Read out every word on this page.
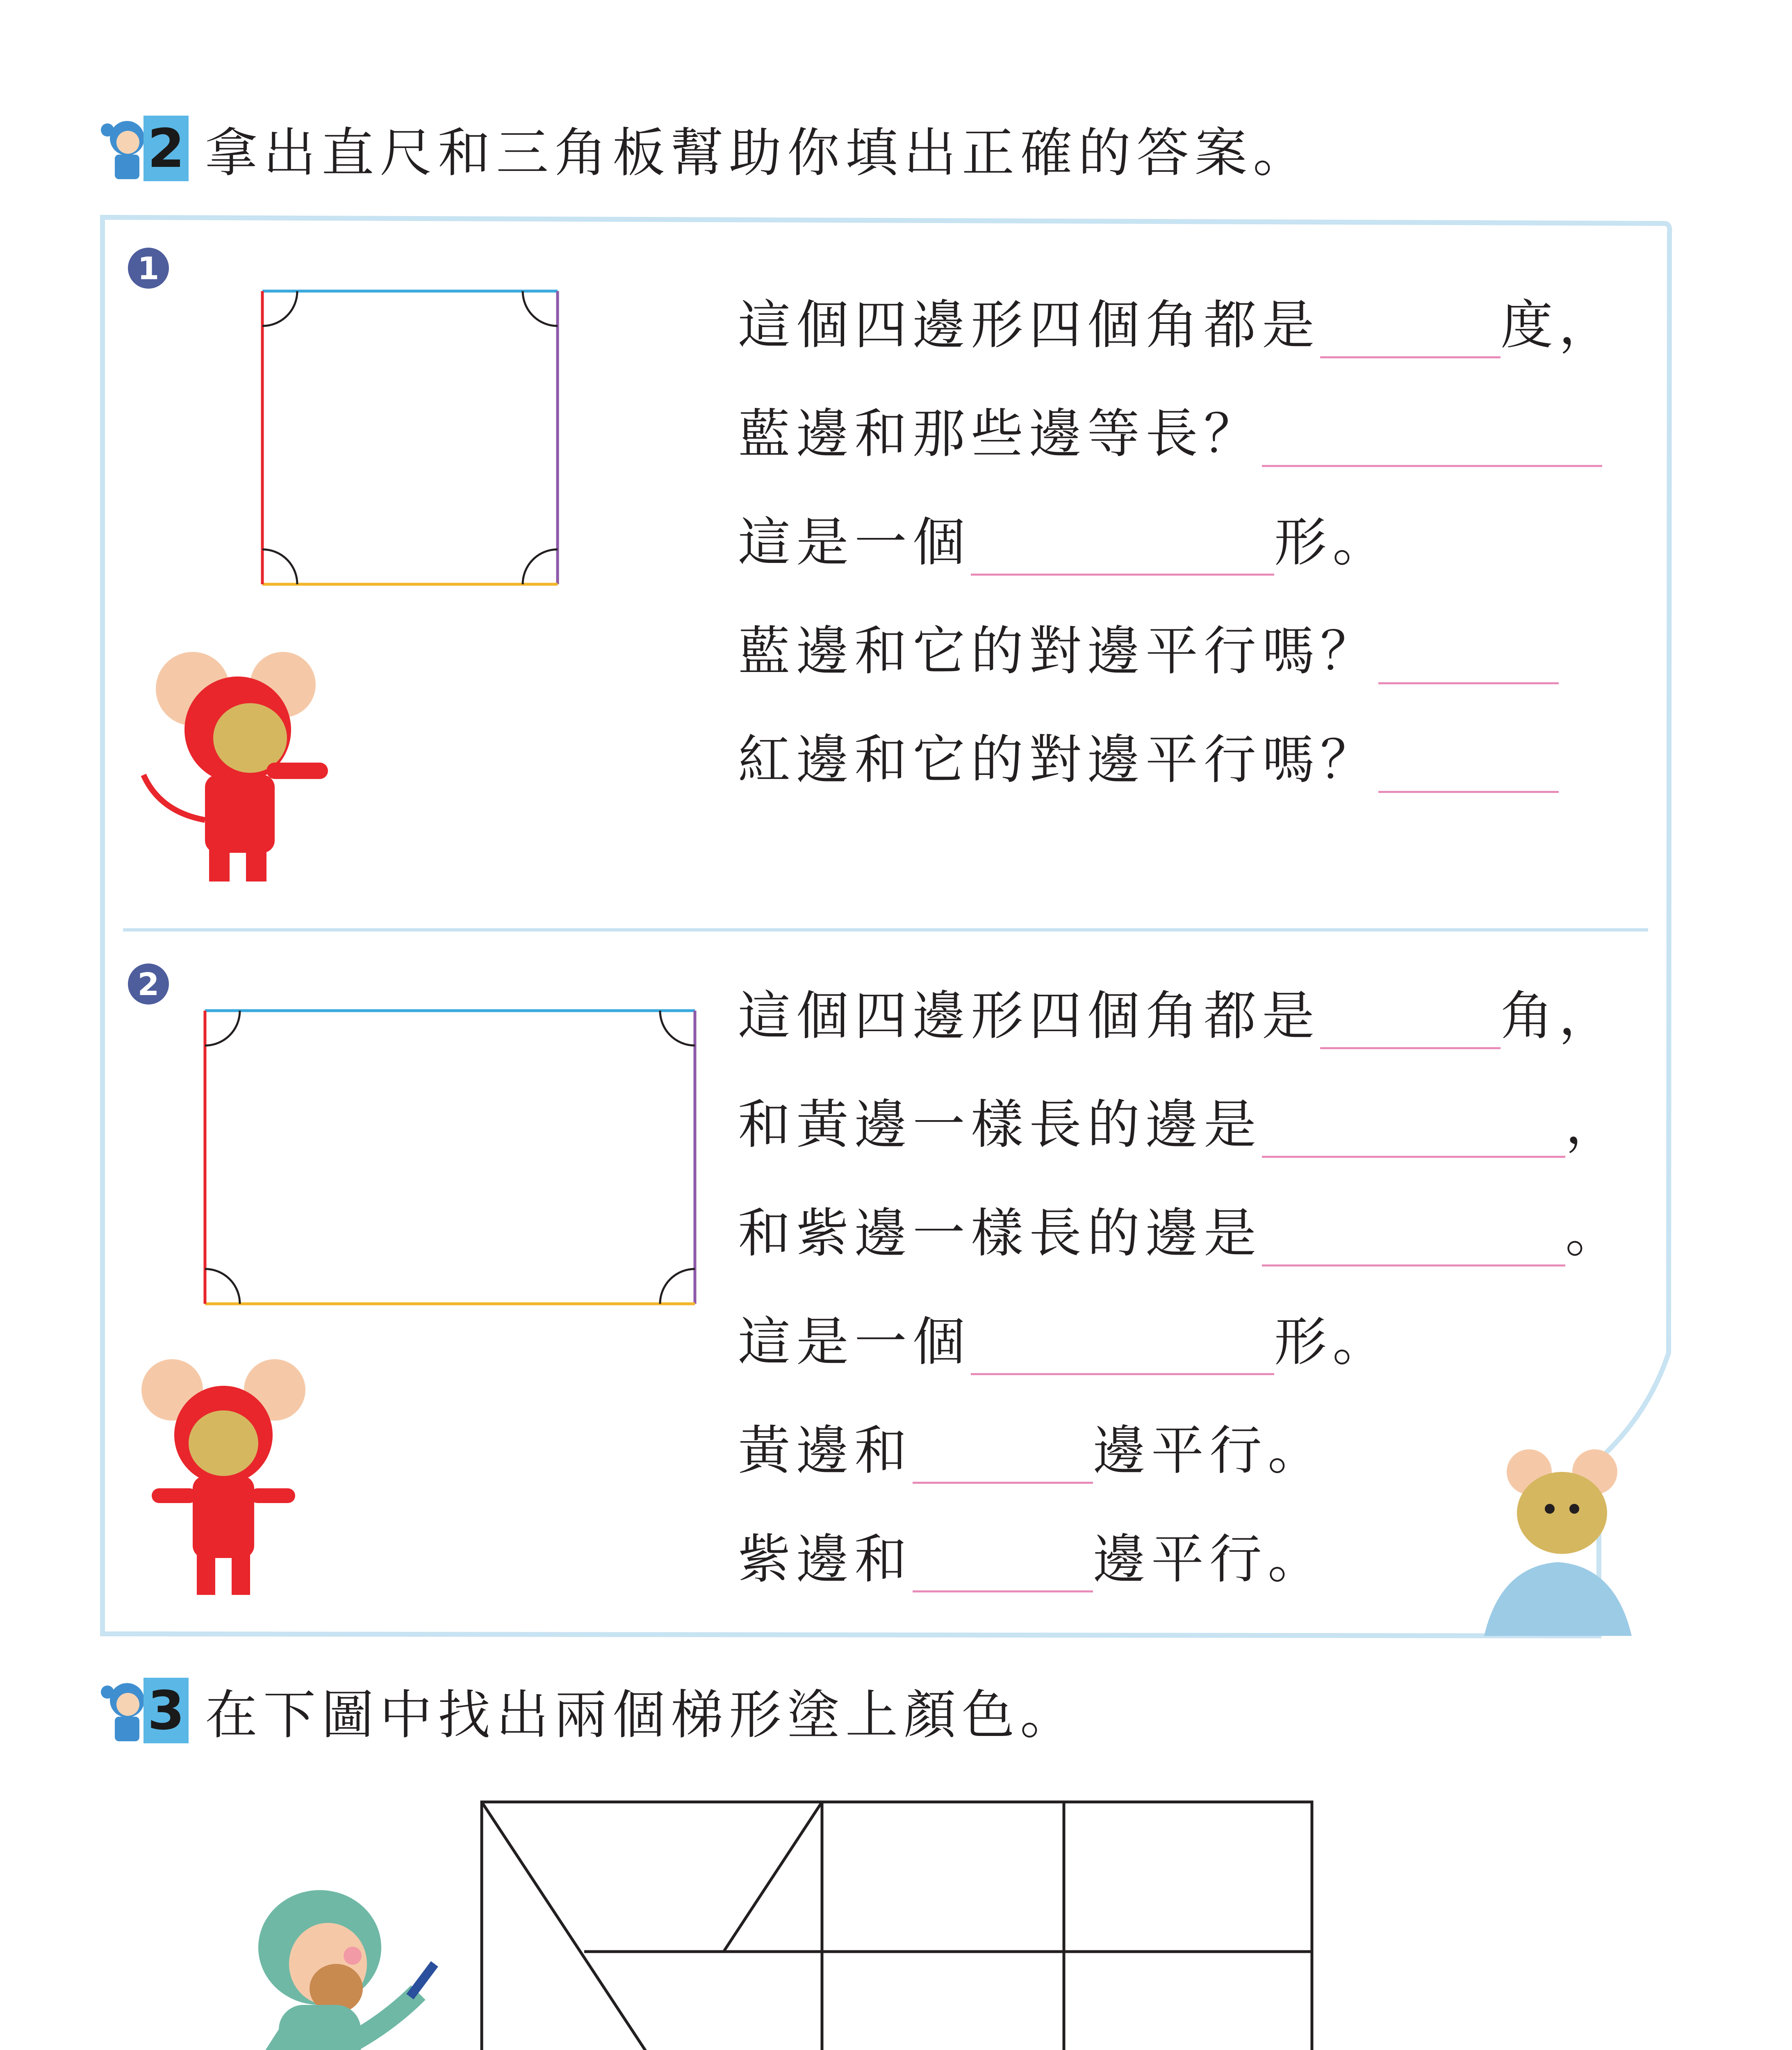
2 拿出直尺和三角板幫助你填出正確的答案。
1
這個四邊形四個角都是	度，
藍邊和那些邊等長？
這是一個	形。
藍邊和它的對邊平行嗎？
紅邊和它的對邊平行嗎？
2
這個四邊形四個角都是	角，
和黃邊一樣長的邊是	，
和紫邊一樣長的邊是	。
這是一個	形。
黃邊和	邊平行。
紫邊和	邊平行。
3 在下圖中找出兩個梯形塗上顏色。
